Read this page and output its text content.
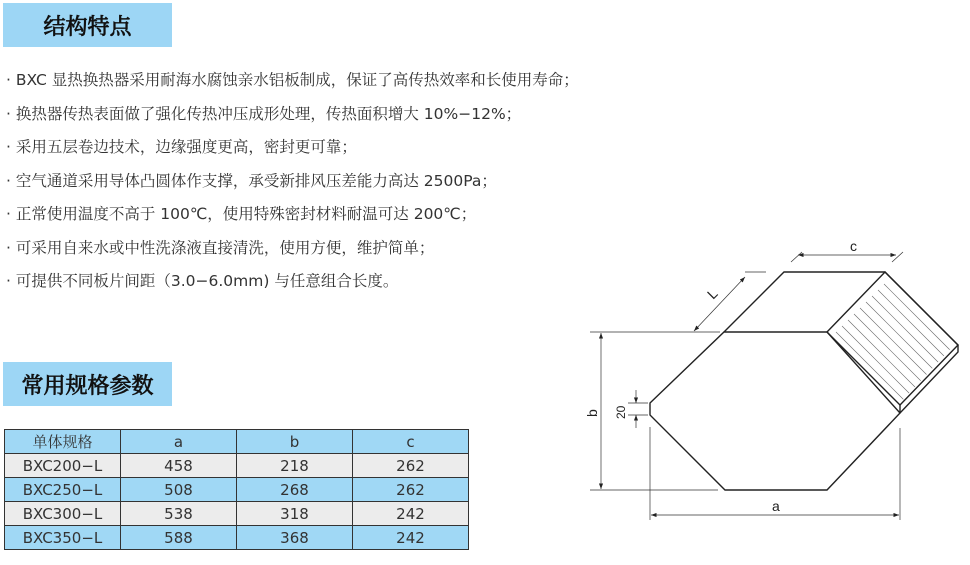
结构特点
· BXC 显热换热器采用耐海水腐蚀亲水铝板制成，保证了高传热效率和长使用寿命；
· 换热器传热表面做了强化传热冲压成形处理，传热面积增大 10%−12%；
· 采用五层卷边技术，边缘强度更高，密封更可靠；
· 空气通道采用导体凸圆体作支撑，承受新排风压差能力高达 2500Pa；
· 正常使用温度不高于 100℃，使用特殊密封材料耐温可达 200℃；
· 可采用自来水或中性洗涤液直接清洗，使用方便，维护简单；
· 可提供不同板片间距（3.0−6.0mm) 与任意组合长度。
常用规格参数
单体规格	a	b	c
BXC200−L	458	218	262
BXC250−L	508	268	262
BXC300−L	538	318	242
BXC350−L	588	368	242
c
a
b 20
L
